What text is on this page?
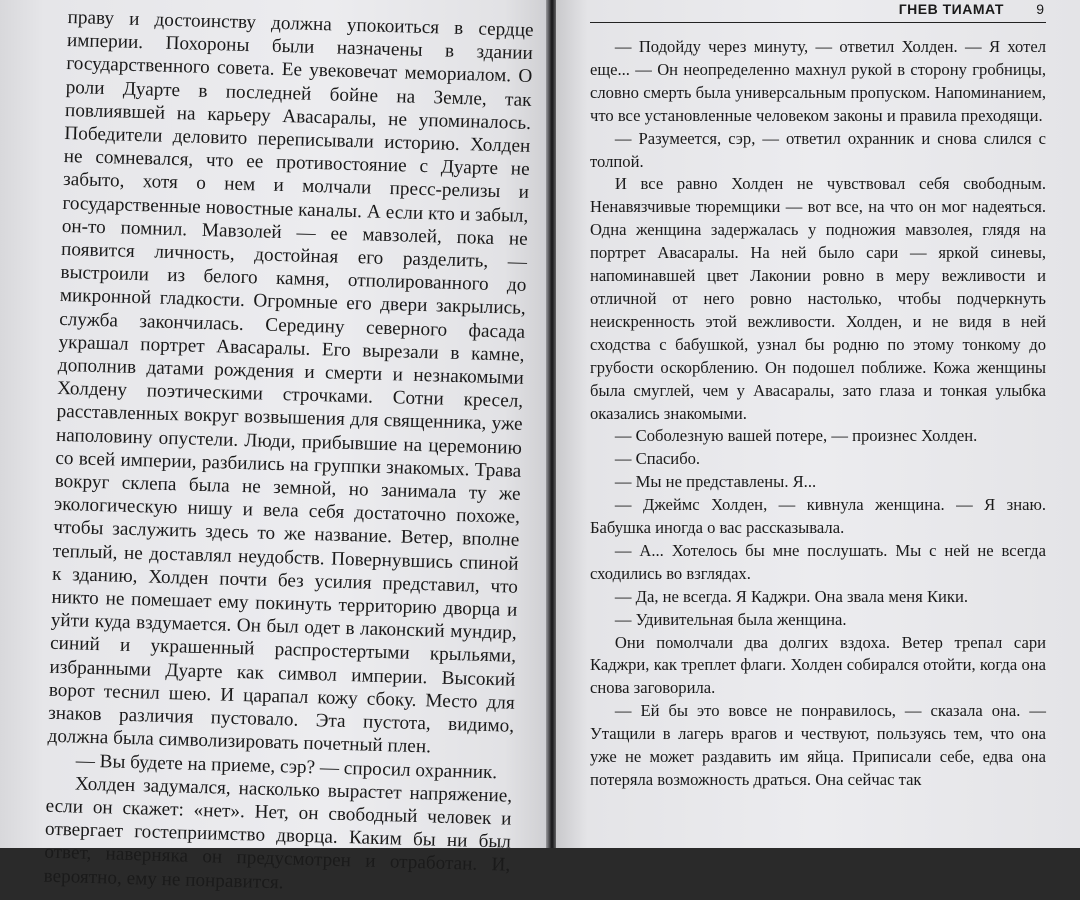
праву и достоинству должна упокоиться в сердце империи. Похороны были назначены в здании государственного совета. Ее увековечат мемориалом. О роли Дуарте в последней бойне на Земле, так повлиявшей на карьеру Авасаралы, не упоминалось. Победители деловито переписывали историю. Холден не сомневался, что ее противостояние с Дуарте не забыто, хотя о нем и молчали пресс-релизы и государственные новостные каналы. А если кто и забыл, он-то помнил. Мавзолей — ее мавзолей, пока не появится личность, достойная его разделить, — выстроили из белого камня, отполированного до микронной гладкости. Огромные его двери закрылись, служба закончилась. Середину северного фасада украшал портрет Авасаралы. Его вырезали в камне, дополнив датами рождения и смерти и незнакомыми Холдену поэтическими строчками. Сотни кресел, расставленных вокруг возвышения для священника, уже наполовину опустели. Люди, прибывшие на церемонию со всей империи, разбились на группки знакомых. Трава вокруг склепа была не земной, но занимала ту же экологическую нишу и вела себя достаточно похоже, чтобы заслужить здесь то же название. Ветер, вполне теплый, не доставлял неудобств. Повернувшись спиной к зданию, Холден почти без усилия представил, что никто не помешает ему покинуть территорию дворца и уйти куда вздумается. Он был одет в лаконский мундир, синий и украшенный распростертыми крыльями, избранными Дуарте как символ империи. Высокий ворот теснил шею. И царапал кожу сбоку. Место для знаков различия пустовало. Эта пустота, видимо, должна была символизировать почетный плен.

— Вы будете на приеме, сэр? — спросил охранник.

Холден задумался, насколько вырастет напряжение, если он скажет: «нет». Нет, он свободный человек и отвергает гостеприимство дворца. Каким бы ни был ответ, наверняка он предусмотрен и отработан. И, вероятно, ему не понравится.

ГНЕВ ТИАМАТ 9

— Подойду через минуту, — ответил Холден. — Я хотел еще... — Он неопределенно махнул рукой в сторону гробницы, словно смерть была универсальным пропуском. Напоминанием, что все установленные человеком законы и правила преходящи.

— Разумеется, сэр, — ответил охранник и снова слился с толпой.

И все равно Холден не чувствовал себя свободным. Ненавязчивые тюремщики — вот все, на что он мог надеяться. Одна женщина задержалась у подножия мавзолея, глядя на портрет Авасаралы. На ней было сари — яркой синевы, напоминавшей цвет Лаконии ровно в меру вежливости и отличной от него ровно настолько, чтобы подчеркнуть неискренность этой вежливости. Холден, и не видя в ней сходства с бабушкой, узнал бы родню по этому тонкому до грубости оскорблению. Он подошел поближе. Кожа женщины была смуглей, чем у Авасаралы, зато глаза и тонкая улыбка оказались знакомыми.

— Соболезную вашей потере, — произнес Холден.

— Спасибо.

— Мы не представлены. Я...

— Джеймс Холден, — кивнула женщина. — Я знаю. Бабушка иногда о вас рассказывала.

— А... Хотелось бы мне послушать. Мы с ней не всегда сходились во взглядах.

— Да, не всегда. Я Каджри. Она звала меня Кики.

— Удивительная была женщина.

Они помолчали два долгих вздоха. Ветер трепал сари Каджри, как треплет флаги. Холден собирался отойти, когда она снова заговорила.

— Ей бы это вовсе не понравилось, — сказала она. — Утащили в лагерь врагов и чествуют, пользуясь тем, что она уже не может раздавить им яйца. Приписали себе, едва она потеряла возможность драться. Она сейчас так
